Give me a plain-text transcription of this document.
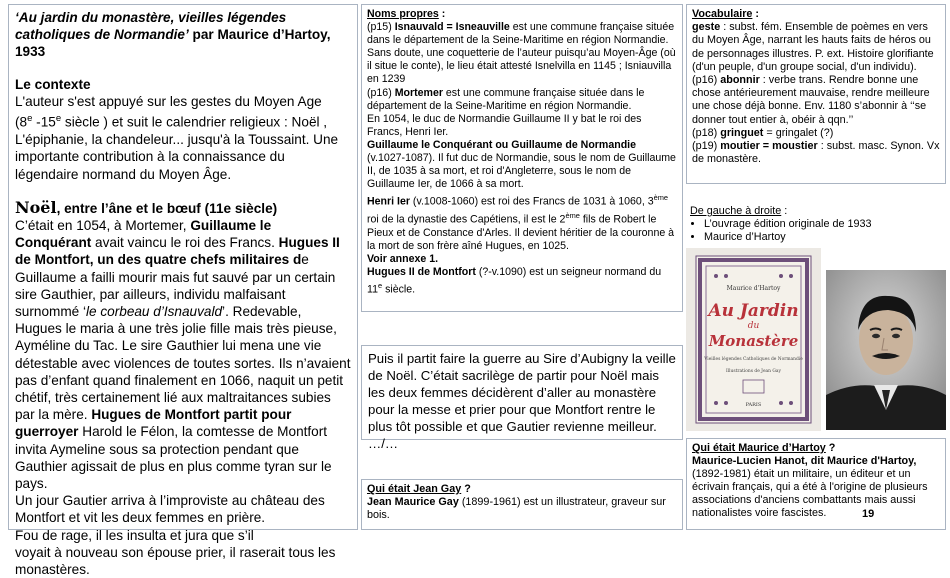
‘Au jardin du monastère, vieilles légendes catholiques de Normandie’ par Maurice d’Hartoy, 1933

Le contexte

L'auteur s'est appuyé sur les gestes du Moyen Age
(8e -15e siècle ) et suit le calendrier religieux : Noël , L'épiphanie, la chandeleur... jusqu'à la Toussaint. Une importante contribution à la connaissance du légendaire normand du Moyen Âge.

Noël, entre l’âne et le bœuf (11e siècle)

C’était en 1054, à Mortemer, Guillaume le Conquérant avait vaincu le roi des Francs. Hugues II de Montfort, un des quatre chefs militaires de Guillaume a failli mourir mais fut sauvé par un certain sire Gauthier, par ailleurs, individu malfaisant surnommé ‘le corbeau d’Isnauvald’. Redevable, Hugues le maria à une très jolie fille mais très pieuse, Ayméline du Tac. Le sire Gauthier lui mena une vie détestable avec violences de toutes sortes. Ils n’avaient pas d’enfant quand finalement en 1066, naquit un petit chétif, très certainement lié aux maltraitances subies par la mère. Hugues de Montfort partit pour guerroyer Harold le Félon, la comtesse de Montfort invita Aymeline sous sa protection pendant que Gauthier agissait de plus en plus comme tyran sur le pays.

Un jour Gautier arriva à l’improviste au château des Montfort et vit les deux femmes en prière.

Fou de rage, il les insulta et jura que s’il

voyait à nouveau son épouse prier, il raserait tous les monastères.

Noms propres :

(p15) Isnauvald = Isneauville est une commune française située dans le département de la Seine-Maritime en région Normandie. Sans doute, une coquetterie de l’auteur puisqu’au Moyen-Âge (où il situe le conte), le lieu était attesté Isnelvilla en 1145 ; Isniauvilla en 1239

(p16) Mortemer est une commune française située dans le département de la Seine-Maritime en région Normandie.

En 1054, le duc de Normandie Guillaume II y bat le roi des Francs, Henri Ier.

Guillaume le Conquérant ou Guillaume de Normandie (v.1027-1087). Il fut duc de Normandie, sous le nom de Guillaume II, de 1035 à sa mort, et roi d'Angleterre, sous le nom de Guillaume Ier, de 1066 à sa mort.

Henri Ier (v.1008-1060) est roi des Francs de 1031 à 1060, 3ème roi de la dynastie des Capétiens, il est le 2ème fils de Robert le Pieux et de Constance d'Arles. Il devient héritier de la couronne à la mort de son frère aîné Hugues, en 1025.

Voir annexe 1.

Hugues II de Montfort (?-v.1090) est un seigneur normand du 11e siècle.

Puis il partit faire la guerre au Sire d’Aubigny la veille de Noël. C’était sacrilège de partir pour Noël mais les deux femmes décidèrent d’aller au monastère pour la messe et prier pour que Montfort rentre le plus tôt possible et que Gautier revienne meilleur. …/…

Qui était Jean Gay ?

Jean Maurice Gay (1899-1961) est un illustrateur, graveur sur bois.

Vocabulaire :

geste : subst. fém. Ensemble de poèmes en vers du Moyen Âge, narrant les hauts faits de héros ou de personnages illustres. P. ext. Histoire glorifiante (d'un peuple, d'un groupe social, d'un individu).

(p16) abonnir : verbe trans. Rendre bonne une chose antérieurement mauvaise, rendre meilleure une chose déjà bonne. Env. 1180 s’abonnir à ‘‘se donner tout entier à, obéir à qqn.’’

(p18) gringuet = gringalet (?)

(p19) moutier = moustier : subst. masc. Synon. Vx de monastère.

De gauche à droite :

• L’ouvrage édition originale de 1933
• Maurice d’Hartoy
Maurice d'Hartoy
Au Jardin
du
Monastère
Vieilles légendes Catholiques de Normandie
Illustrations de Jean Gay
PARIS

Qui était Maurice d’Hartoy ?

Maurice-Lucien Hanot, dit Maurice d'Hartoy, (1892-1981) était un militaire, un éditeur et un écrivain français, qui a été à l'origine de plusieurs associations d'anciens combattants mais aussi nationalistes voire fascistes.	19
